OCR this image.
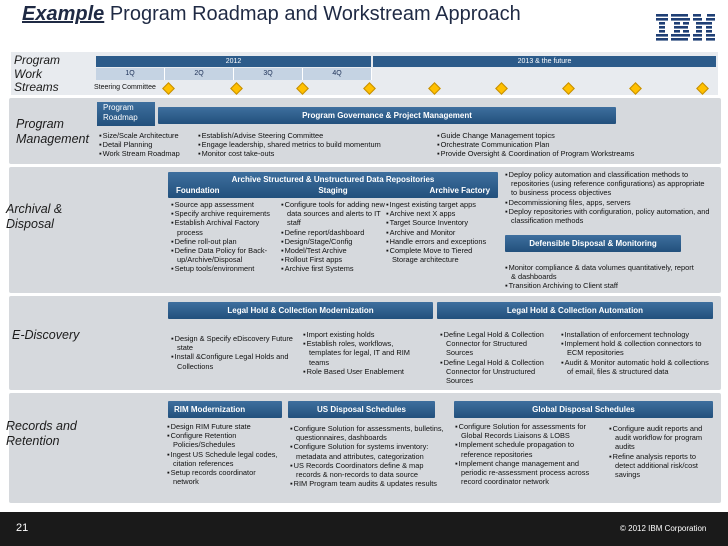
Example Program Roadmap and Workstream Approach
Program Work Streams
2012	2013 & the future
1Q	2Q	3Q	4Q
Steering Committee
Program Management
Program Roadmap	Program Governance & Project Management
▪ Size/Scale Architecture
▪ Detail Planning
▪ Work Stream Roadmap
▪ Establish/Advise Steering Committee
▪ Engage leadership, shared metrics to build momentum
▪ Monitor cost take-outs
▪ Guide Change Management topics
▪ Orchestrate Communication Plan
▪ Provide Oversight & Coordination of Program Workstreams
Archival & Disposal
Archive Structured & Unstructured Data Repositories
Foundation	Staging	Archive Factory
▪ Source app assessment
▪ Specify archive requirements
▪ Establish Archival Factory process
▪ Define roll-out plan
▪ Define Data Policy for Back-up/Archive/Disposal
▪ Setup tools/environment
▪ Configure tools for adding new data sources and alerts to IT staff
▪ Define report/dashboard
▪ Design/Stage/Config
▪ Model/Test Archive
▪ Rollout First apps
▪ Archive first Systems
▪ Ingest existing target apps
▪ Archive next X apps
▪ Target Source Inventory
▪ Archive and Monitor
▪ Handle errors and exceptions
▪ Complete Move to Tiered Storage architecture
▪ Deploy policy automation and classification methods to repositories (using reference configurations) as appropriate to business process objectives
▪ Decommissioning files, apps, servers
▪ Deploy repositories with configuration, policy automation, and classification methods
Defensible Disposal & Monitoring
▪ Monitor compliance & data volumes quantitatively, report & dashboards
▪ Transition Archiving to Client staff
E-Discovery
Legal Hold & Collection Modernization	Legal Hold & Collection Automation
▪ Design & Specify eDiscovery Future state
▪ Install &Configure Legal Holds and Collections
▪ Import existing holds
▪ Establish roles, workflows, templates for legal, IT and RIM teams
▪ Role Based User Enablement
▪ Define Legal Hold & Collection Connector for Structured Sources
▪ Define Legal Hold & Collection Connector for Unstructured Sources
▪ Installation of enforcement technology
▪ Implement hold & collection connectors to ECM repositories
▪ Audit & Monitor automatic hold & collections of email, files & structured data
Records and Retention
RIM Modernization	US Disposal Schedules	Global Disposal Schedules
▪ Design RIM Future state
▪ Configure Retention Policies/Schedules
▪ Ingest US Schedule legal codes, citation references
▪ Setup records coordinator network
▪ Configure Solution for assessments, bulletins, questionnaires, dashboards
▪ Configure Solution for systems inventory: metadata and attributes, categorization
▪ US Records Coordinators define & map records & non-records to data source
▪ RIM Program team audits & updates results
▪ Configure Solution for assessments for Global Records Liaisons & LOBS
▪ Implement schedule propagation to reference repositories
▪ Implement change management and periodic re-assessment process across record coordinator network
▪ Configure audit reports and audit workflow for program audits
▪ Refine analysis reports to detect additional risk/cost savings
21	© 2012 IBM Corporation
